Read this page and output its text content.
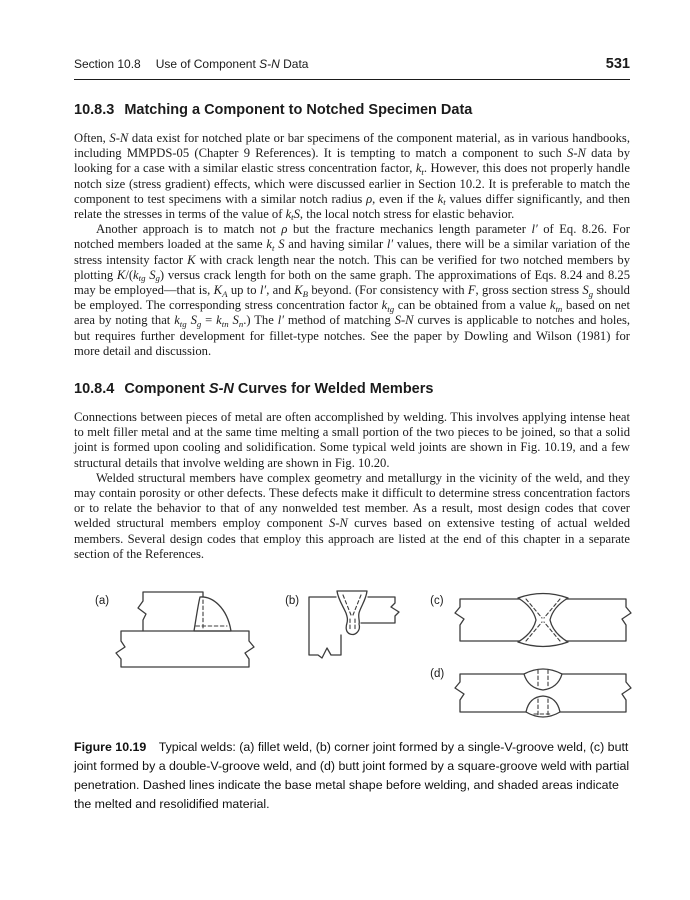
Section 10.8 Use of Component S-N Data	531
10.8.3 Matching a Component to Notched Specimen Data

Often, S-N data exist for notched plate or bar specimens of the component material, as in various handbooks, including MMPDS-05 (Chapter 9 References). It is tempting to match a component to such S-N data by looking for a case with a similar elastic stress concentration factor, $k_t$. However, this does not properly handle notch size (stress gradient) effects, which were discussed earlier in Section 10.2. It is preferable to match the component to test specimens with a similar notch radius ρ, even if the $k_t$ values differ significantly, and then relate the stresses in terms of the value of $k_tS$, the local notch stress for elastic behavior.

Another approach is to match not ρ but the fracture mechanics length parameter l′ of Eq. 8.26. For notched members loaded at the same $k_t$ S and having similar l′ values, there will be a similar variation of the stress intensity factor K with crack length near the notch. This can be verified for two notched members by plotting $K/(k_{tg}$ $S_g$) versus crack length for both on the same graph. The approximations of Eqs. 8.24 and 8.25 may be employed—that is, $K_A$ up to l′, and $K_B$ beyond. (For consistency with F, gross section stress $S_g$ should be employed. The corresponding stress concentration factor $k_{tg}$ can be obtained from a value $k_{tn}$ based on net area by noting that $k_{tg}$ $S_g = k_{tn}$ $S_n$.) The l′ method of matching S-N curves is applicable to notches and holes, but requires further development for fillet-type notches. See the paper by Dowling and Wilson (1981) for more detail and discussion.

10.8.4 Component S-N Curves for Welded Members

Connections between pieces of metal are often accomplished by welding. This involves applying intense heat to melt filler metal and at the same time melting a small portion of the two pieces to be joined, so that a solid joint is formed upon cooling and solidification. Some typical weld joints are shown in Fig. 10.19, and a few structural details that involve welding are shown in Fig. 10.20.

Welded structural members have complex geometry and metallurgy in the vicinity of the weld, and they may contain porosity or other defects. These defects make it difficult to determine stress concentration factors or to relate the behavior to that of any nonwelded test member. As a result, most design codes that cover welded structural members employ component S-N curves based on extensive testing of actual welded members. Several design codes that employ this approach are listed at the end of this chapter in a separate section of the References.

(a)	(b)	(c)
(d)
Figure 10.19  Typical welds: (a) fillet weld, (b) corner joint formed by a single-V-groove weld, (c) butt joint formed by a double-V-groove weld, and (d) butt joint formed by a square-groove weld with partial penetration. Dashed lines indicate the base metal shape before welding, and shaded areas indicate the melted and resolidified material.
